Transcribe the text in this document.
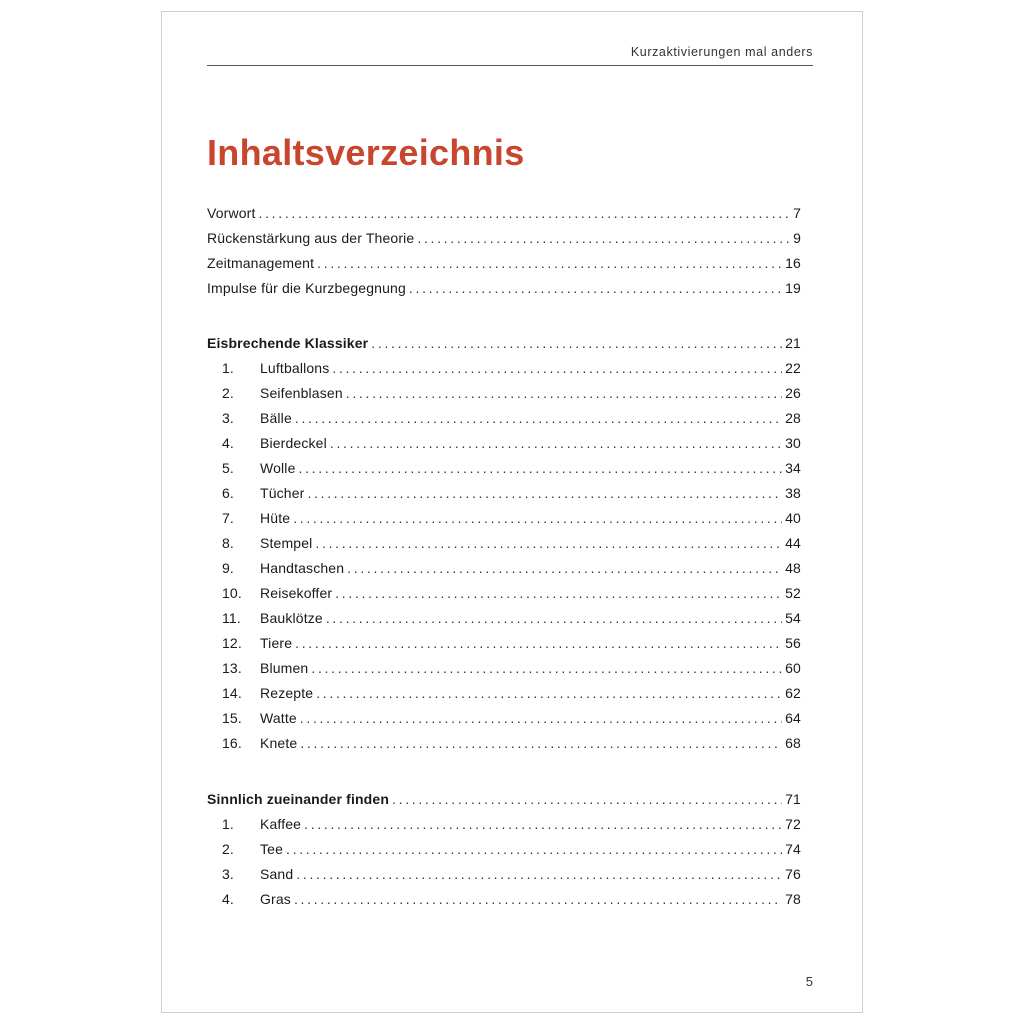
Kurzaktivierungen mal anders
Inhaltsverzeichnis
Vorwort . . .	7
Rückenstärkung aus der Theorie . . .	9
Zeitmanagement . . .	16
Impulse für die Kurzbegegnung . . .	19
Eisbrechende Klassiker . . .	21
1.	Luftballons . . .	22
2.	Seifenblasen . . .	26
3.	Bälle . . .	28
4.	Bierdeckel . . .	30
5.	Wolle . . .	34
6.	Tücher . . .	38
7.	Hüte . . .	40
8.	Stempel . . .	44
9.	Handtaschen . . .	48
10.	Reisekoffer . . .	52
11.	Bauklötze . . .	54
12.	Tiere . . .	56
13.	Blumen . . .	60
14.	Rezepte . . .	62
15.	Watte . . .	64
16.	Knete . . .	68
Sinnlich zueinander finden . . .	71
1.	Kaffee . . .	72
2.	Tee . . .	74
3.	Sand . . .	76
4.	Gras . . .	78
5
